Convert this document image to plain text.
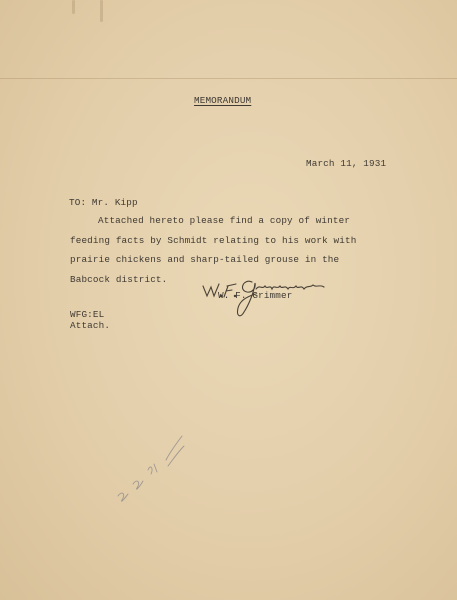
MEMORANDUM
March 11, 1931
TO: Mr. Kipp
Attached hereto please find a copy of winter
feeding facts by Schmidt relating to his work with
prairie chickens and sharp-tailed grouse in the
Babcock district.
W. F. Grimmer
WFG:EL
Attach.
